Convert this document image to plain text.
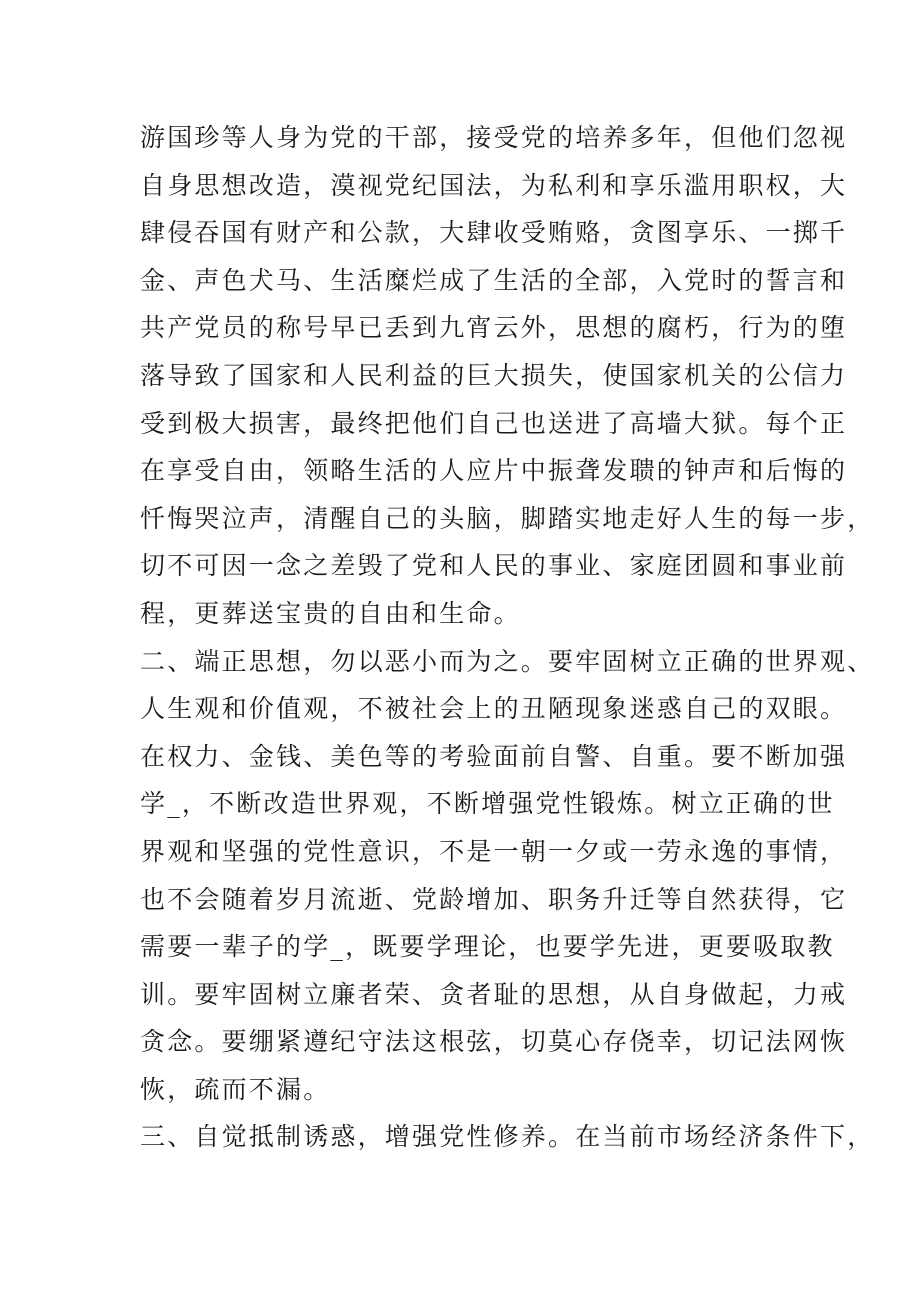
游国珍等人身为党的干部，接受党的培养多年，但他们忽视
自身思想改造，漠视党纪国法，为私利和享乐滥用职权，大
肆侵吞国有财产和公款，大肆收受贿赂，贪图享乐、一掷千
金、声色犬马、生活糜烂成了生活的全部，入党时的誓言和
共产党员的称号早已丢到九宵云外，思想的腐朽，行为的堕
落导致了国家和人民利益的巨大损失，使国家机关的公信力
受到极大损害，最终把他们自己也送进了高墙大狱。每个正
在享受自由，领略生活的人应片中振聋发聩的钟声和后悔的
忏悔哭泣声，清醒自己的头脑，脚踏实地走好人生的每一步，
切不可因一念之差毁了党和人民的事业、家庭团圆和事业前
程，更葬送宝贵的自由和生命。
二、端正思想，勿以恶小而为之。要牢固树立正确的世界观、
人生观和价值观，不被社会上的丑陋现象迷惑自己的双眼。
在权力、金钱、美色等的考验面前自警、自重。要不断加强
学_，不断改造世界观，不断增强党性锻炼。树立正确的世
界观和坚强的党性意识，不是一朝一夕或一劳永逸的事情，
也不会随着岁月流逝、党龄增加、职务升迁等自然获得，它
需要一辈子的学_，既要学理论，也要学先进，更要吸取教
训。要牢固树立廉者荣、贪者耻的思想，从自身做起，力戒
贪念。要绷紧遵纪守法这根弦，切莫心存侥幸，切记法网恢
恢，疏而不漏。
三、自觉抵制诱惑，增强党性修养。在当前市场经济条件下，
